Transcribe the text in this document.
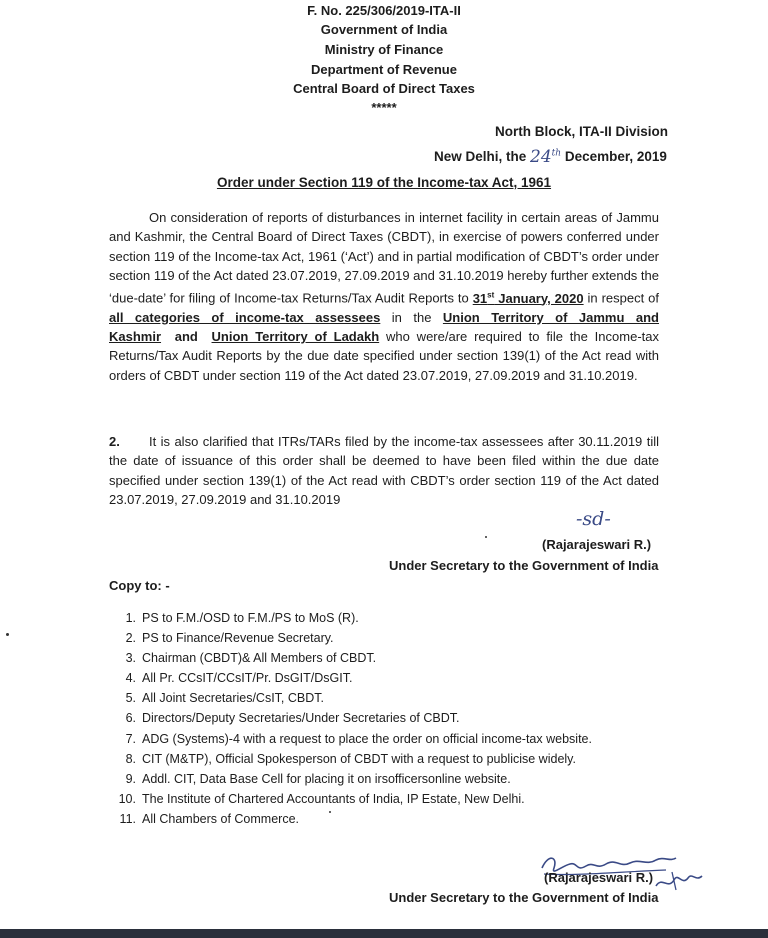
F. No. 225/306/2019-ITA-II
Government of India
Ministry of Finance
Department of Revenue
Central Board of Direct Taxes
*****
North Block, ITA-II Division
New Delhi, the 24th December, 2019
Order under Section 119 of the Income-tax Act, 1961
On consideration of reports of disturbances in internet facility in certain areas of Jammu and Kashmir, the Central Board of Direct Taxes (CBDT), in exercise of powers conferred under section 119 of the Income-tax Act, 1961 (‘Act’) and in partial modification of CBDT’s order under section 119 of the Act dated 23.07.2019, 27.09.2019 and 31.10.2019 hereby further extends the ‘due-date’ for filing of Income-tax Returns/Tax Audit Reports to 31st January, 2020 in respect of all categories of income-tax assessees in the Union Territory of Jammu and Kashmir and Union Territory of Ladakh who were/are required to file the Income-tax Returns/Tax Audit Reports by the due date specified under section 139(1) of the Act read with orders of CBDT under section 119 of the Act dated 23.07.2019, 27.09.2019 and 31.10.2019.
2. It is also clarified that ITRs/TARs filed by the income-tax assessees after 30.11.2019 till the date of issuance of this order shall be deemed to have been filed within the due date specified under section 139(1) of the Act read with CBDT’s order section 119 of the Act dated 23.07.2019, 27.09.2019 and 31.10.2019
-sd-
(Rajarajeswari R.)
Under Secretary to the Government of India
Copy to: -
1. PS to F.M./OSD to F.M./PS to MoS (R).
2. PS to Finance/Revenue Secretary.
3. Chairman (CBDT)& All Members of CBDT.
4. All Pr. CCsIT/CCsIT/Pr. DsGIT/DsGIT.
5. All Joint Secretaries/CsIT, CBDT.
6. Directors/Deputy Secretaries/Under Secretaries of CBDT.
7. ADG (Systems)-4 with a request to place the order on official income-tax website.
8. CIT (M&TP), Official Spokesperson of CBDT with a request to publicise widely.
9. Addl. CIT, Data Base Cell for placing it on irsofficersonline website.
10. The Institute of Chartered Accountants of India, IP Estate, New Delhi.
11. All Chambers of Commerce.
(Rajarajeswari R.)
Under Secretary to the Government of India
